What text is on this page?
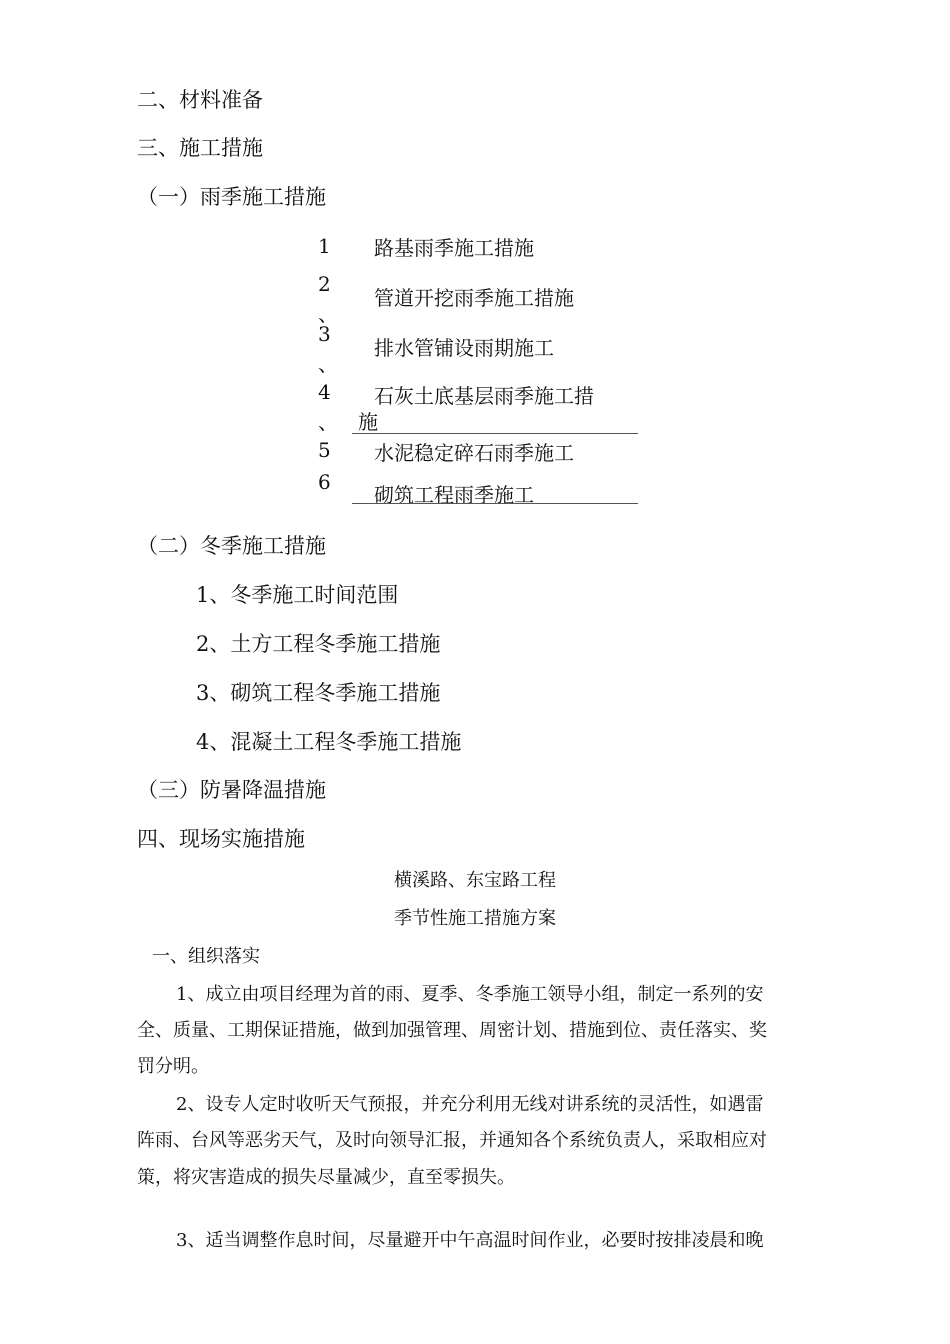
二、材料准备
三、施工措施
（一）雨季施工措施
1 路基雨季施工措施
2
、
管道开挖雨季施工措施
3
、
排水管铺设雨期施工
4
、
石灰土底基层雨季施工措
施
5 水泥稳定碎石雨季施工
6
砌筑工程雨季施工
（二）冬季施工措施
1、冬季施工时间范围
2、土方工程冬季施工措施
3、砌筑工程冬季施工措施
4、混凝土工程冬季施工措施
（三）防暑降温措施
四、现场实施措施
横溪路、东宝路工程
季节性施工措施方案
一、组织落实
1、成立由项目经理为首的雨、夏季、冬季施工领导小组，制定一系列的安
全、质量、工期保证措施，做到加强管理、周密计划、措施到位、责任落实、奖
罚分明。
2、设专人定时收听天气预报，并充分利用无线对讲系统的灵活性，如遇雷
阵雨、台风等恶劣天气，及时向领导汇报，并通知各个系统负责人，采取相应对
策，将灾害造成的损失尽量减少，直至零损失。
3、适当调整作息时间，尽量避开中午高温时间作业，必要时按排凌晨和晚
